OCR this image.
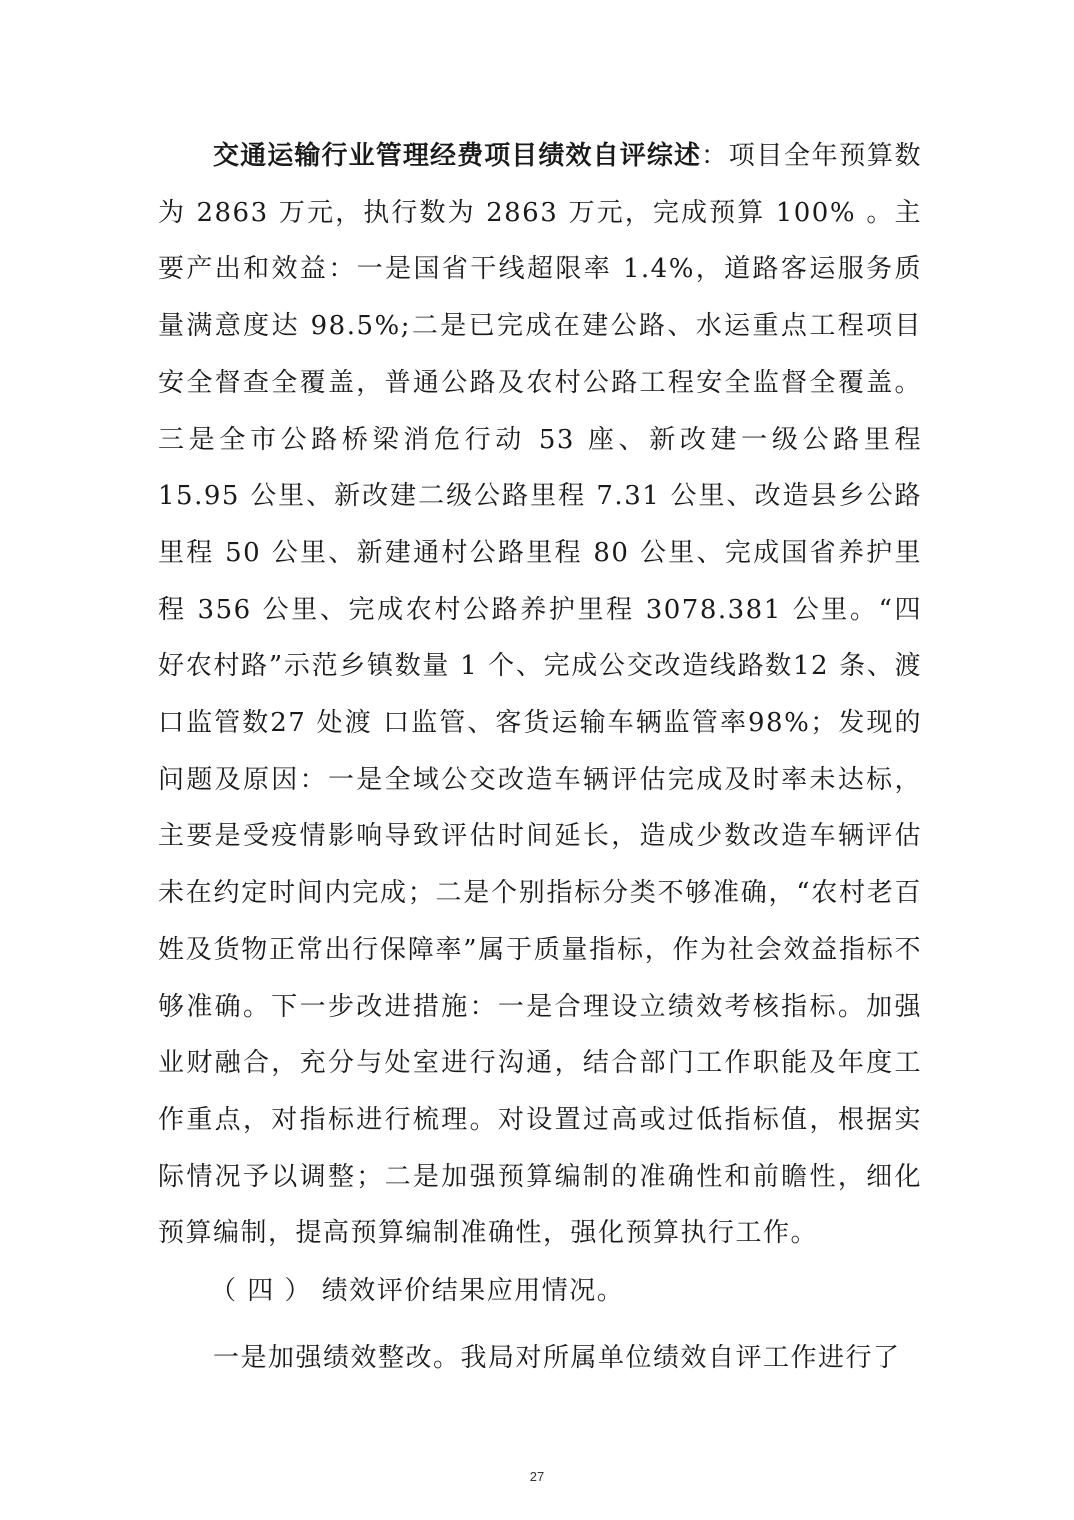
交通运输行业管理经费项目绩效自评综述：项目全年预算数为 2863 万元，执行数为 2863 万元，完成预算 100% 。主要产出和效益：一是国省干线超限率 1.4%，道路客运服务质量满意度达 98.5%;二是已完成在建公路、水运重点工程项目安全督查全覆盖，普通公路及农村公路工程安全监督全覆盖。三是全市公路桥梁消危行动 53 座、新改建一级公路里程 15.95 公里、新改建二级公路里程 7.31 公里、改造县乡公路里程 50 公里、新建通村公路里程 80 公里、完成国省养护里程 356 公里、完成农村公路养护里程 3078.381 公里。“四好农村路”示范乡镇数量 1 个、完成公交改造线路数12 条、渡 口监管数27 处渡 口监管、客货运输车辆监管率98%；发现的问题及原因：一是全域公交改造车辆评估完成及时率未达标，主要是受疫情影响导致评估时间延长，造成少数改造车辆评估未在约定时间内完成；二是个别指标分类不够准确，“农村老百姓及货物正常出行保障率”属于质量指标，作为社会效益指标不够准确。下一步改进措施：一是合理设立绩效考核指标。加强业财融合，充分与处室进行沟通，结合部门工作职能及年度工作重点，对指标进行梳理。对设置过高或过低指标值，根据实际情况予以调整；二是加强预算编制的准确性和前瞻性，细化预算编制，提高预算编制准确性，强化预算执行工作。

（ 四 ） 绩效评价结果应用情况。

一是加强绩效整改。我局对所属单位绩效自评工作进行了

27
